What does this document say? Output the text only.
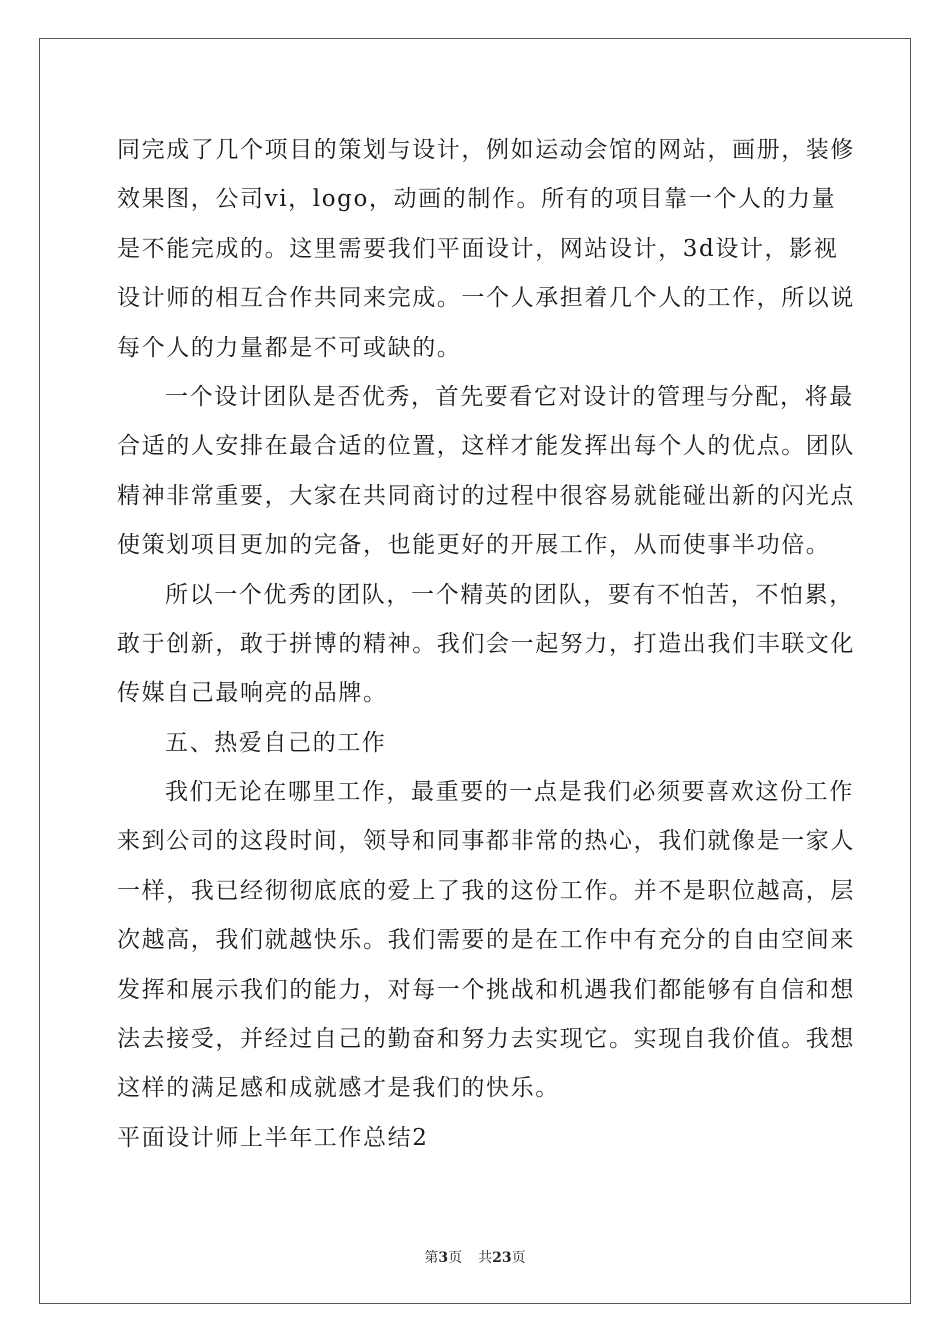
同完成了几个项目的策划与设计，例如运动会馆的网站，画册，装修
效果图，公司vi，logo，动画的制作。所有的项目靠一个人的力量
是不能完成的。这里需要我们平面设计，网站设计，3d设计，影视
设计师的相互合作共同来完成。一个人承担着几个人的工作，所以说
每个人的力量都是不可或缺的。
一个设计团队是否优秀，首先要看它对设计的管理与分配，将最
合适的人安排在最合适的位置，这样才能发挥出每个人的优点。团队
精神非常重要，大家在共同商讨的过程中很容易就能碰出新的闪光点
使策划项目更加的完备，也能更好的开展工作，从而使事半功倍。
所以一个优秀的团队，一个精英的团队，要有不怕苦，不怕累，
敢于创新，敢于拼博的精神。我们会一起努力，打造出我们丰联文化
传媒自己最响亮的品牌。
五、热爱自己的工作
我们无论在哪里工作，最重要的一点是我们必须要喜欢这份工作
来到公司的这段时间，领导和同事都非常的热心，我们就像是一家人
一样，我已经彻彻底底的爱上了我的这份工作。并不是职位越高，层
次越高，我们就越快乐。我们需要的是在工作中有充分的自由空间来
发挥和展示我们的能力，对每一个挑战和机遇我们都能够有自信和想
法去接受，并经过自己的勤奋和努力去实现它。实现自我价值。我想
这样的满足感和成就感才是我们的快乐。
平面设计师上半年工作总结2
第3页 共23页
